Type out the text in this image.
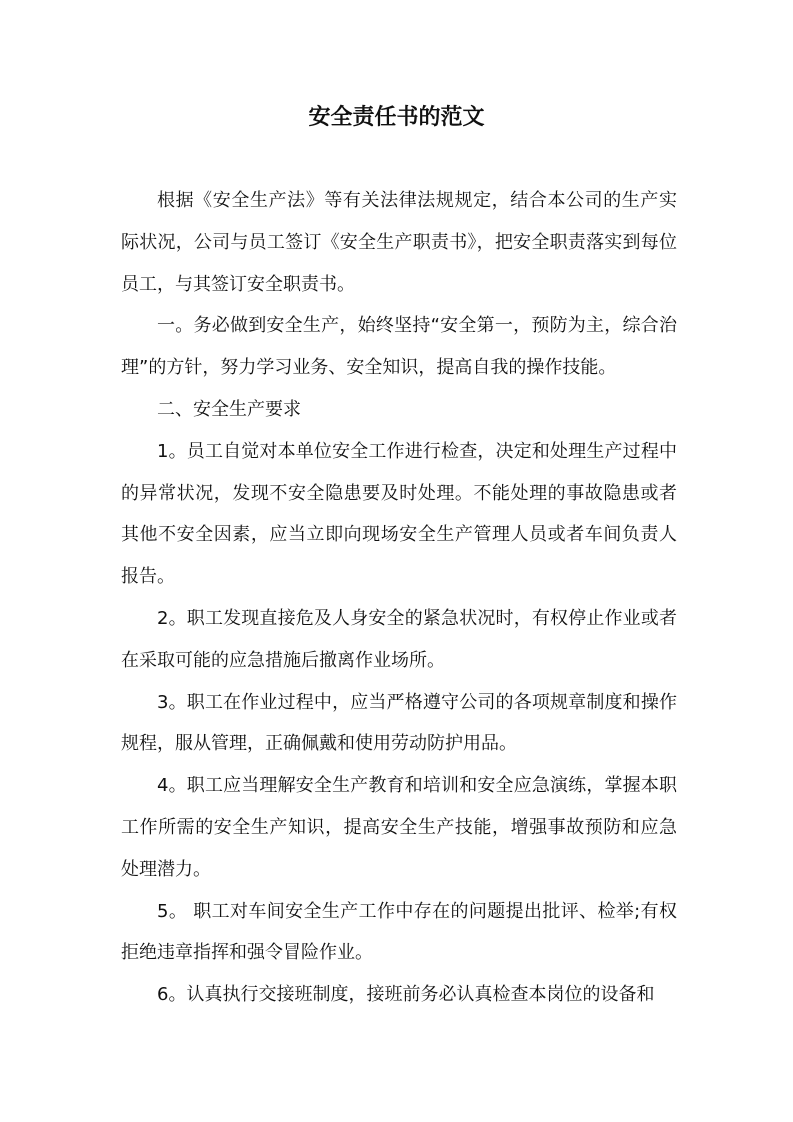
安全责任书的范文

根据《安全生产法》等有关法律法规规定，结合本公司的生产实际状况，公司与员工签订《安全生产职责书》，把安全职责落实到每位员工，与其签订安全职责书。

一。务必做到安全生产，始终坚持“安全第一，预防为主，综合治理”的方针，努力学习业务、安全知识，提高自我的操作技能。

二、安全生产要求

1。员工自觉对本单位安全工作进行检查，决定和处理生产过程中的异常状况，发现不安全隐患要及时处理。不能处理的事故隐患或者其他不安全因素，应当立即向现场安全生产管理人员或者车间负责人报告。

2。职工发现直接危及人身安全的紧急状况时，有权停止作业或者在采取可能的应急措施后撤离作业场所。

3。职工在作业过程中，应当严格遵守公司的各项规章制度和操作规程，服从管理，正确佩戴和使用劳动防护用品。

4。职工应当理解安全生产教育和培训和安全应急演练，掌握本职工作所需的安全生产知识，提高安全生产技能，增强事故预防和应急处理潜力。

5。 职工对车间安全生产工作中存在的问题提出批评、检举;有权拒绝违章指挥和强令冒险作业。

6。认真执行交接班制度，接班前务必认真检查本岗位的设备和
